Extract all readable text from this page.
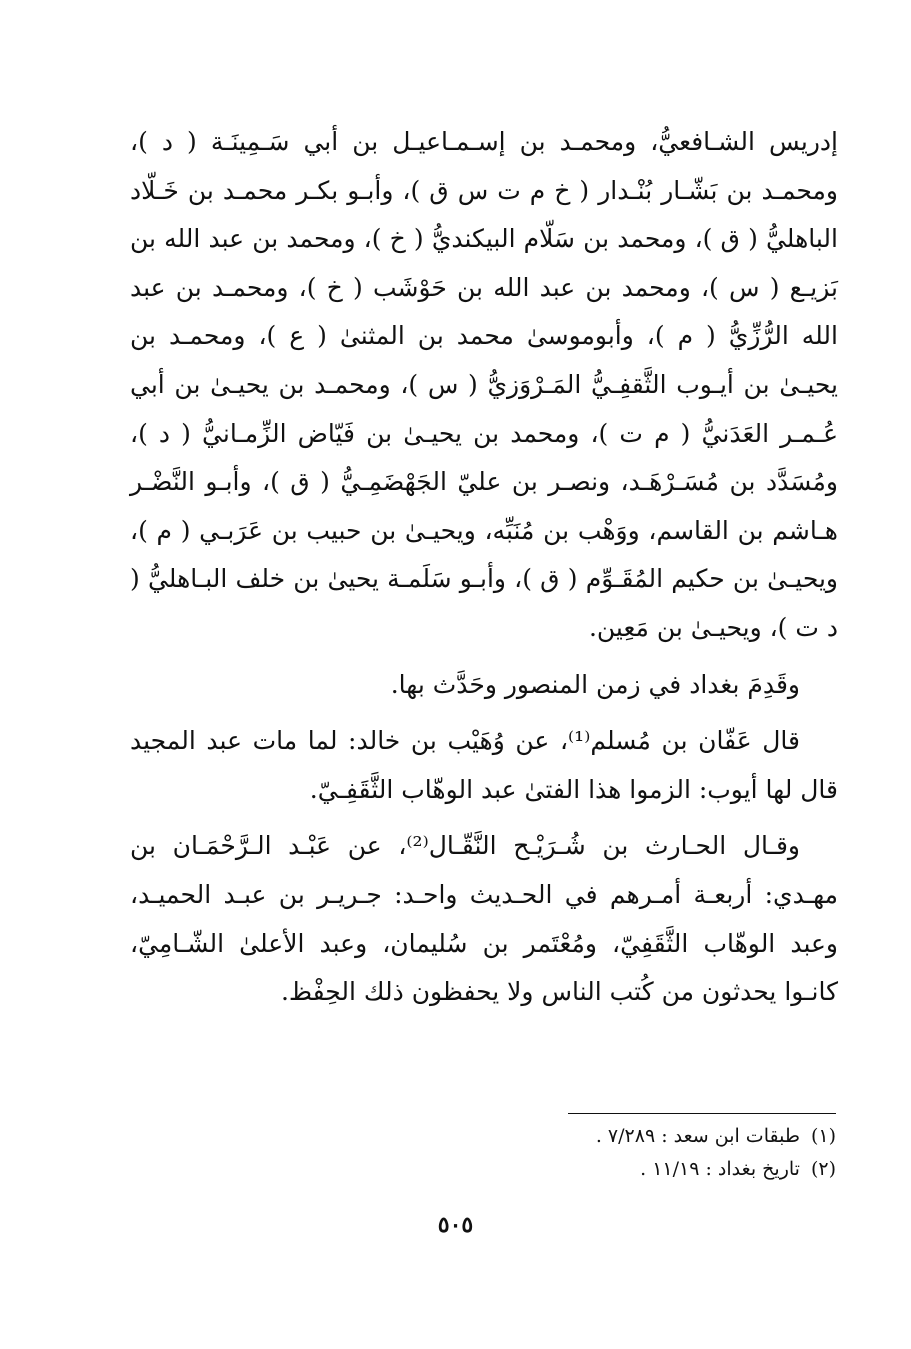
إدريس الشـافعيُّ، ومحمـد بن إسـمـاعيـل بن أبي سَـمِينَـة ( د )، ومحمـد بن بَشّـار بُنْـدار ( خ م ت س ق )، وأبـو بكـر محمـد بن خَـلّاد الباهليُّ ( ق )، ومحمد بن سَلّام البيكنديُّ ( خ )، ومحمد بن عبد الله بن بَزيـع ( س )، ومحمد بن عبد الله بن حَوْشَب ( خ )، ومحمـد بن عبد الله الرُّزِّيُّ ( م )، وأبوموسىٰ محمد بن المثنىٰ ( ع )، ومحمـد بن يحيـىٰ بن أيـوب الثَّقفِـيُّ المَـرْوَزيُّ ( س )، ومحمـد بن يحيـىٰ بن أبي عُـمـر العَدَنيُّ ( م ت )، ومحمد بن يحيـىٰ بن فَيّاض الزِّمـانيُّ ( د )، ومُسَدَّد بن مُسَـرْهَـد، ونصـر بن عليّ الجَهْضَمِـيُّ ( ق )، وأبـو النَّضْـر هـاشم بن القاسم، ووَهْب بن مُنَبِّه، ويحيـىٰ بن حبيب بن عَرَبـي ( م )، ويحيـىٰ بن حكيم المُقَـوِّم ( ق )، وأبـو سَلَمـة يحيىٰ بن خلف البـاهليُّ ( د ت )، ويحيـىٰ بن مَعِين.

وقَدِمَ بغداد في زمن المنصور وحَدَّث بها.

قال عَفّان بن مُسلم⁽¹⁾، عن وُهَيْب بن خالد: لما مات عبد المجيد قال لها أيوب: الزموا هذا الفتىٰ عبد الوهّاب الثَّقَفِـيّ.

وقـال الحـارث بن شُـرَيْـح النَّقّـال⁽²⁾، عن عَبْـد الـرَّحْمَـان بن مهـدي: أربعـة أمـرهم في الحـديث واحـد: جـريـر بن عبـد الحميـد، وعبد الوهّاب الثَّقَفِيّ، ومُعْتَمر بن سُليمان، وعبد الأعلىٰ الشّـامِيّ، كانـوا يحدثون من كُتب الناس ولا يحفظون ذلك الحِفْظ.

(١) طبقات ابن سعد : ٧/٢٨٩ .

(٢) تاريخ بغداد : ١١/١٩ .

٥٠٥
